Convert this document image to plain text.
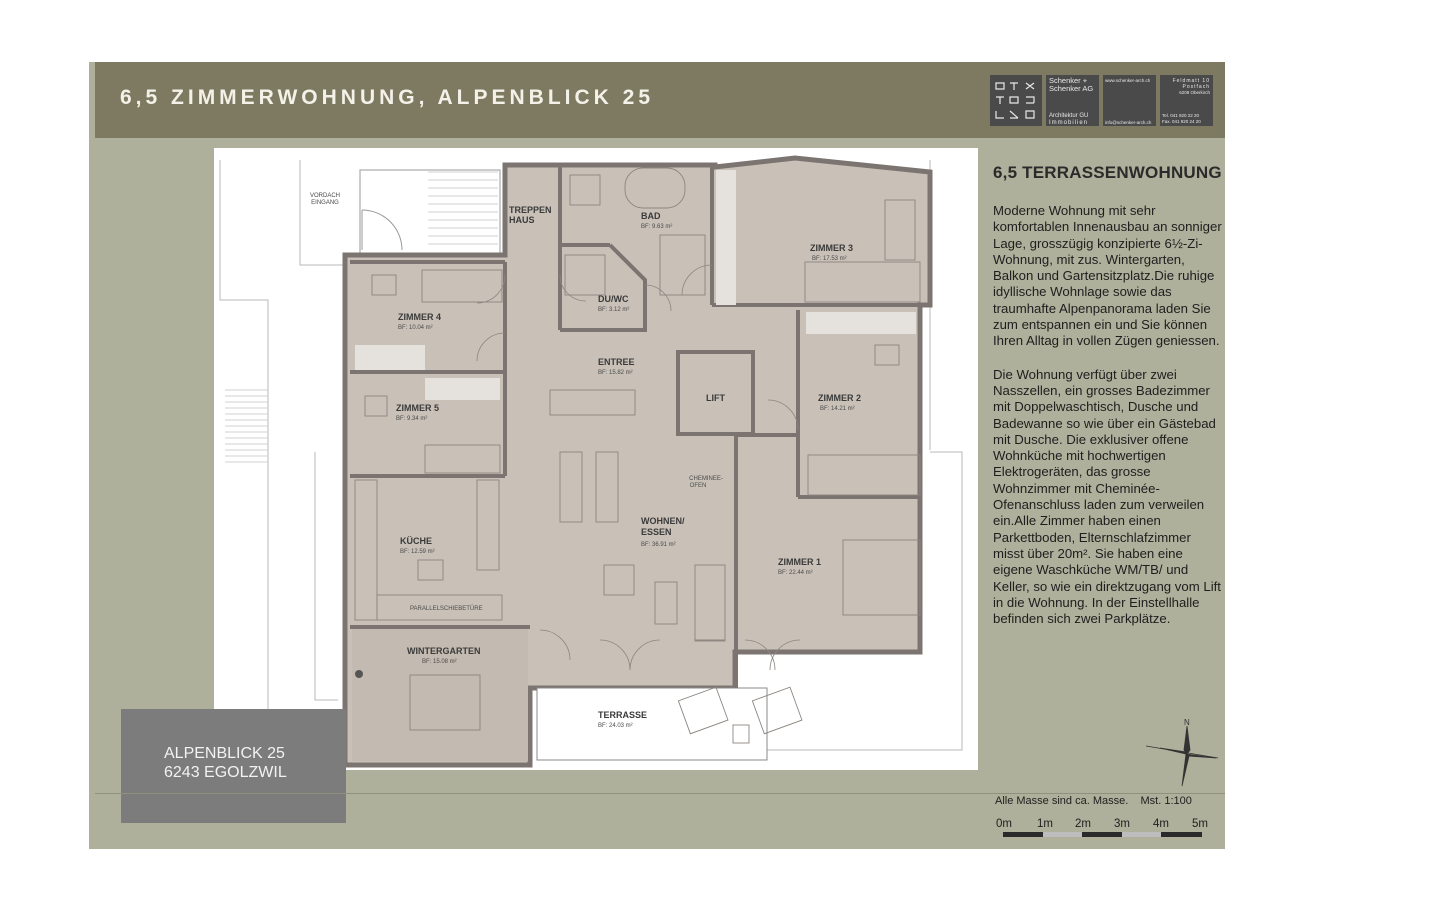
6,5 ZIMMERWOHNUNG, ALPENBLICK 25
Schenker +
Schenker AG
Architektur GU
Immobilien
www.schenker-arch.ch
info@schenker-arch.ch
Feldmatt 10
Postfach
6208 Oberkirch
Tel. 041 920 22 20
Fax. 041 920 24 20
VORDACH
EINGANG
TREPPEN
HAUS	BAD
BF: 9.63 m²
ZIMMER 3
BF: 17.53 m²
DU/WC
BF: 3.12 m²
ZIMMER 4
BF: 10.04 m²
ENTREE
BF: 15.82 m²
LIFT	ZIMMER 2
BF: 14.21 m²
ZIMMER 5
BF: 9.34 m²
CHEMINEE-
OFEN
WOHNEN/
ESSEN
BF: 36.91 m²
KÜCHE
BF: 12.59 m²
ZIMMER 1
BF: 22.44 m²
PARALLELSCHIEBETÜRE
WINTERGARTEN
BF: 15.08 m²
TERRASSE
BF: 24.03 m²
6,5 TERRASSENWOHNUNG

Moderne Wohnung mit sehr komfortablen Innenausbau an sonniger Lage, grosszügig konzipierte 6½-Zi-Wohnung, mit zus. Wintergarten, Balkon und Gartensitzplatz.Die ruhige idyllische Wohnlage sowie das traumhafte Alpenpanorama laden Sie zum entspannen ein und Sie können Ihren Alltag in vollen Zügen geniessen.

Die Wohnung verfügt über zwei Nasszellen, ein grosses Badezimmer mit Doppelwaschtisch, Dusche und Badewanne so wie über ein Gästebad mit Dusche. Die exklusiver offene Wohnküche mit hochwertigen Elektrogeräten, das grosse Wohnzimmer mit Cheminée-Ofenanschluss laden zum verweilen ein.Alle Zimmer haben einen Parkettboden, Elternschlafzimmer misst über 20m². Sie haben eine eigene Waschküche WM/TB/ und Keller, so wie ein direktzugang vom Lift in die Wohnung. In der Einstellhalle befinden sich zwei Parkplätze.

N
ALPENBLICK 25
6243 EGOLZWIL
Alle Masse sind ca. Masse. Mst. 1:100
0m 1m 2m 3m 4m 5m
